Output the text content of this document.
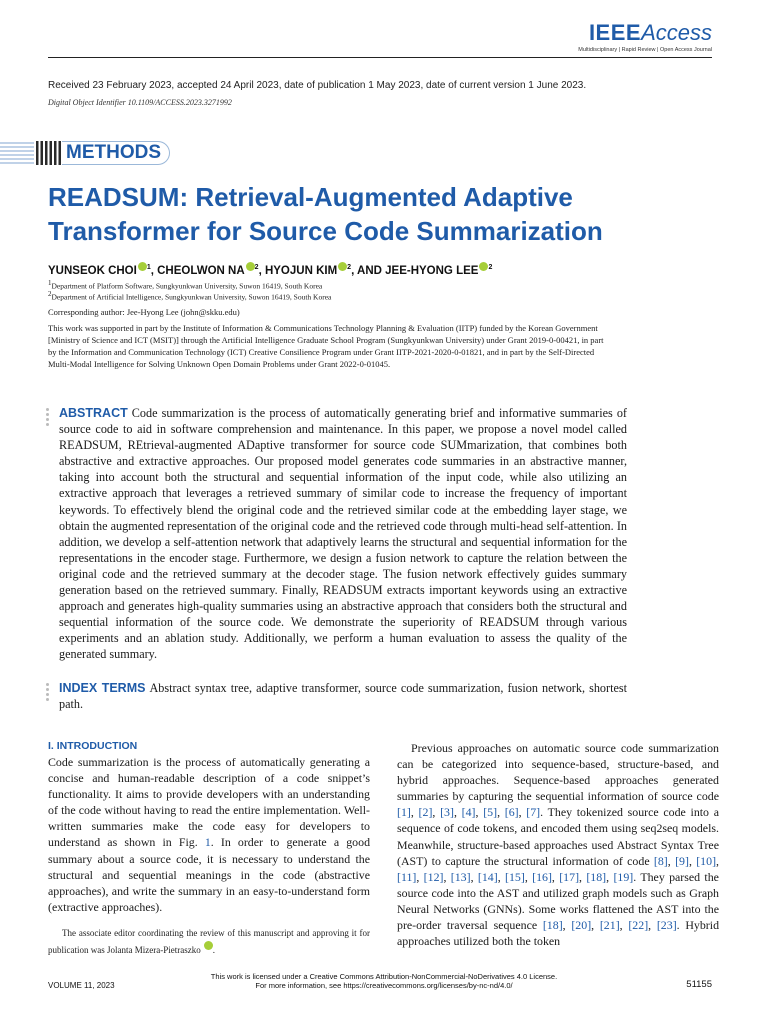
IEEEAccess
Multidisciplinary | Rapid Review | Open Access Journal
Received 23 February 2023, accepted 24 April 2023, date of publication 1 May 2023, date of current version 1 June 2023.
Digital Object Identifier 10.1109/ACCESS.2023.3271992
METHODS
READSUM: Retrieval-Augmented Adaptive
Transformer for Source Code Summarization
YUNSEOK CHOI $^1$, CHEOLWON NA $^2$, HYOJUN KIM $^2$, AND JEE-HYONG LEE $^2$
$^1$Department of Platform Software, Sungkyunkwan University, Suwon 16419, South Korea
$^2$Department of Artificial Intelligence, Sungkyunkwan University, Suwon 16419, South Korea
Corresponding author: Jee-Hyong Lee (john@skku.edu)
This work was supported in part by the Institute of Information & Communications Technology Planning & Evaluation (IITP) funded by the Korean Government [Ministry of Science and ICT (MSIT)] through the Artificial Intelligence Graduate School Program (Sungkyunkwan University) under Grant 2019-0-00421, in part by the Information and Communication Technology (ICT) Creative Consilience Program under Grant IITP-2021-2020-0-01821, and in part by the Self-Directed Multi-Modal Intelligence for Solving Unknown Open Domain Problems under Grant 2022-0-01045.
ABSTRACT Code summarization is the process of automatically generating brief and informative summaries of source code to aid in software comprehension and maintenance. In this paper, we propose a novel model called READSUM, REtrieval-augmented ADaptive transformer for source code SUMmarization, that combines both abstractive and extractive approaches. Our proposed model generates code summaries in an abstractive manner, taking into account both the structural and sequential information of the input code, while also utilizing an extractive approach that leverages a retrieved summary of similar code to increase the frequency of important keywords. To effectively blend the original code and the retrieved similar code at the embedding layer stage, we obtain the augmented representation of the original code and the retrieved code through multi-head self-attention. In addition, we develop a self-attention network that adaptively learns the structural and sequential information for the representations in the encoder stage. Furthermore, we design a fusion network to capture the relation between the original code and the retrieved summary at the decoder stage. The fusion network effectively guides summary generation based on the retrieved summary. Finally, READSUM extracts important keywords using an extractive approach and generates high-quality summaries using an abstractive approach that considers both the structural and sequential information of the source code. We demonstrate the superiority of READSUM through various experiments and an ablation study. Additionally, we perform a human evaluation to assess the quality of the generated summary.
INDEX TERMS Abstract syntax tree, adaptive transformer, source code summarization, fusion network, shortest path.
I. INTRODUCTION

Code summarization is the process of automatically generating a concise and human-readable description of a code snippet’s functionality. It aims to provide developers with an understanding of the code without having to read the entire implementation. Well-written summaries make the code easy for developers to understand as shown in Fig. 1. In order to generate a good summary about a source code, it is necessary to understand the structural and sequential meanings in the code (abstractive approaches), and write the summary in an easy-to-understand form (extractive approaches).

The associate editor coordinating the review of this manuscript and approving it for publication was Jolanta Mizera-Pietraszko .

Previous approaches on automatic source code summarization can be categorized into sequence-based, structure-based, and hybrid approaches. Sequence-based approaches generated summaries by capturing the sequential information of source code [1], [2], [3], [4], [5], [6], [7]. They tokenized source code into a sequence of code tokens, and encoded them using seq2seq models. Meanwhile, structure-based approaches used Abstract Syntax Tree (AST) to capture the structural information of code [8], [9], [10], [11], [12], [13], [14], [15], [16], [17], [18], [19]. They parsed the source code into the AST and utilized graph models such as Graph Neural Networks (GNNs). Some works flattened the AST into the pre-order traversal sequence [18], [20], [21], [22], [23]. Hybrid approaches utilized both the token

This work is licensed under a Creative Commons Attribution-NonCommercial-NoDerivatives 4.0 License.
For more information, see https://creativecommons.org/licenses/by-nc-nd/4.0/
VOLUME 11, 2023	51155
